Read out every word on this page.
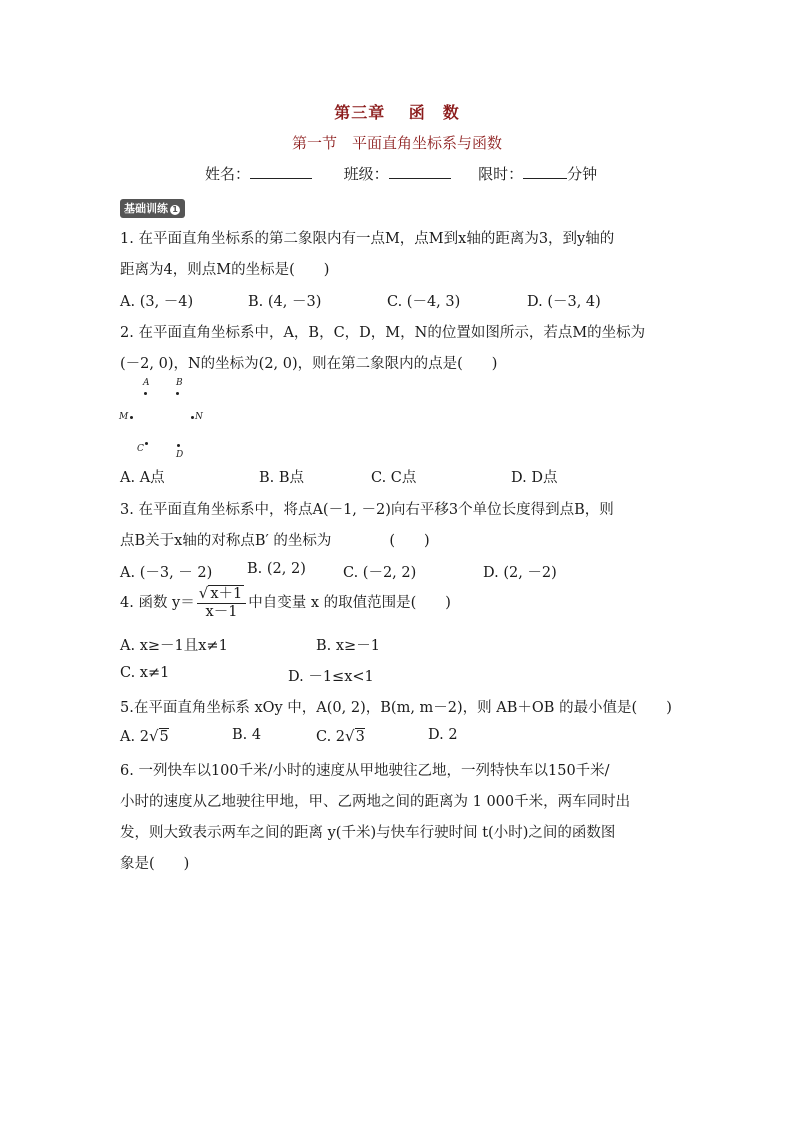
第三章　 函　数
第一节　平面直角坐标系与函数
姓名：	班级：	限时：	分钟
基础训练 1
1. 在平面直角坐标系的第二象限内有一点M，点M到x轴的距离为3，到y轴的
距离为4，则点M的坐标是(　　)
A. (3, －4)	B. (4, －3)	C. (－4, 3)	D. (－3, 4)
2. 在平面直角坐标系中，A，B，C，D，M，N的位置如图所示，若点M的坐标为
(－2, 0)，N的坐标为(2, 0)，则在第二象限内的点是(　　)
A	B

M	N
C

D
A. A点	B. B点	C. C点	D. D点
3. 在平面直角坐标系中，将点A(－1, －2)向右平移3个单位长度得到点B，则
点B关于x轴的对称点B′ 的坐标为　　　　(　　)
A. (－3, － 2) B. (2, 2)	C. (－2, 2)	D. (2, －2)
4. 函数 $y= \frac{√ x+1}{x-1}$ 中自变量 x 的取值范围是(　　)
A. x≥－1且x≠1	B. x≥－1
C. x≠1	D. －1≤x<1
5.在平面直角坐标系 xOy 中，A(0, 2)，B(m, m－2)，则 AB＋OB 的最小值是(　　)
A. 2√5	B. 4	C. 2√3	D. 2
6. 一列快车以100千米/小时的速度从甲地驶往乙地，一列特快车以150千米/
小时的速度从乙地驶往甲地，甲、乙两地之间的距离为 1 000千米，两车同时出
发，则大致表示两车之间的距离 y(千米)与快车行驶时间 t(小时)之间的函数图
象是(　　)
